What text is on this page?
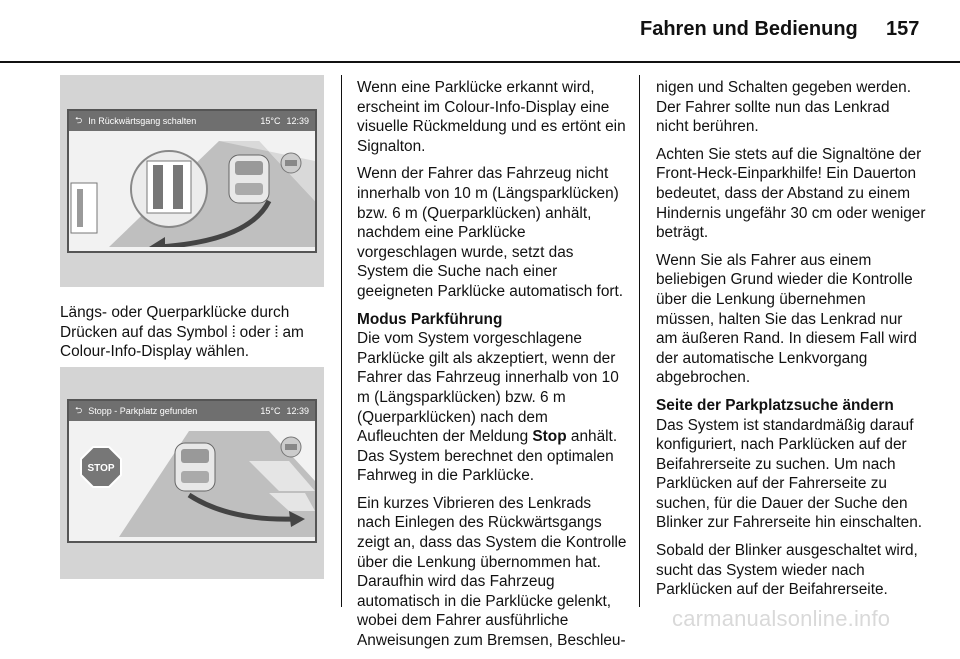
Fahren und Bedienung 157
⮌ In Rückwärtsgang schalten	15°C 12:39
Längs- oder Querparklücke durch Drücken auf das Symbol ⦙ oder ⦙ am Colour-Info-Display wählen.
⮌ Stopp - Parkplatz gefunden	15°C 12:39
STOP

Wenn eine Parklücke erkannt wird, erscheint im Colour-Info-Display eine visuelle Rückmeldung und es ertönt ein Signalton.

Wenn der Fahrer das Fahrzeug nicht innerhalb von 10 m (Längsparklücken) bzw. 6 m (Querparklücken) anhält, nachdem eine Parklücke vorgeschlagen wurde, setzt das System die Suche nach einer geeigneten Parklücke automatisch fort.

Modus Parkführung

Die vom System vorgeschlagene Parklücke gilt als akzeptiert, wenn der Fahrer das Fahrzeug innerhalb von 10 m (Längsparklücken) bzw. 6 m (Querparklücken) nach dem Aufleuchten der Meldung Stop anhält. Das System berechnet den optimalen Fahrweg in die Parklücke.

Ein kurzes Vibrieren des Lenkrads nach Einlegen des Rückwärtsgangs zeigt an, dass das System die Kontrolle über die Lenkung übernommen hat. Daraufhin wird das Fahrzeug automatisch in die Parklücke gelenkt, wobei dem Fahrer ausführliche Anweisungen zum Bremsen, Beschleu-

nigen und Schalten gegeben werden. Der Fahrer sollte nun das Lenkrad nicht berühren.

Achten Sie stets auf die Signaltöne der Front-Heck-Einparkhilfe! Ein Dauerton bedeutet, dass der Abstand zu einem Hindernis ungefähr 30 cm oder weniger beträgt.

Wenn Sie als Fahrer aus einem beliebigen Grund wieder die Kontrolle über die Lenkung übernehmen müssen, halten Sie das Lenkrad nur am äußeren Rand. In diesem Fall wird der automatische Lenkvorgang abgebrochen.

Seite der Parkplatzsuche ändern

Das System ist standardmäßig darauf konfiguriert, nach Parklücken auf der Beifahrerseite zu suchen. Um nach Parklücken auf der Fahrerseite zu suchen, für die Dauer der Suche den Blinker zur Fahrerseite hin einschalten.

Sobald der Blinker ausgeschaltet wird, sucht das System wieder nach Parklücken auf der Beifahrerseite.

carmanualsonline.info
